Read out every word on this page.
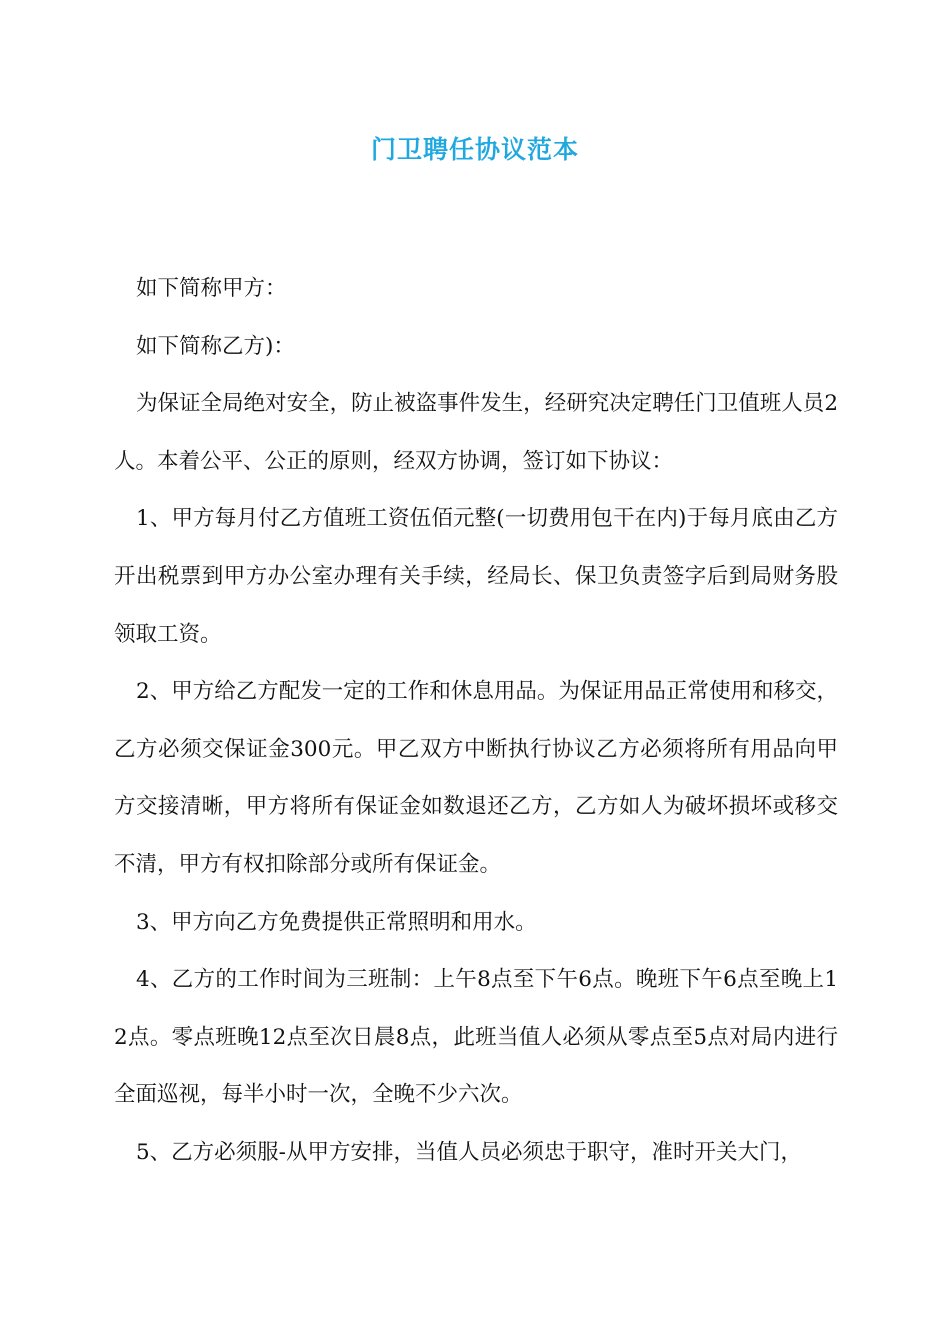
门卫聘任协议范本

如下简称甲方：

如下简称乙方)：

为保证全局绝对安全，防止被盗事件发生，经研究决定聘任门卫值班人员2人。本着公平、公正的原则，经双方协调，签订如下协议：

1、甲方每月付乙方值班工资伍佰元整(一切费用包干在内)于每月底由乙方开出税票到甲方办公室办理有关手续，经局长、保卫负责签字后到局财务股领取工资。

2、甲方给乙方配发一定的工作和休息用品。为保证用品正常使用和移交，乙方必须交保证金300元。甲乙双方中断执行协议乙方必须将所有用品向甲方交接清晰，甲方将所有保证金如数退还乙方，乙方如人为破坏损坏或移交不清，甲方有权扣除部分或所有保证金。

3、甲方向乙方免费提供正常照明和用水。

4、乙方的工作时间为三班制：上午8点至下午6点。晚班下午6点至晚上12点。零点班晚12点至次日晨8点，此班当值人必须从零点至5点对局内进行全面巡视，每半小时一次，全晚不少六次。

5、乙方必须服-从甲方安排，当值人员必须忠于职守，准时开关大门，
